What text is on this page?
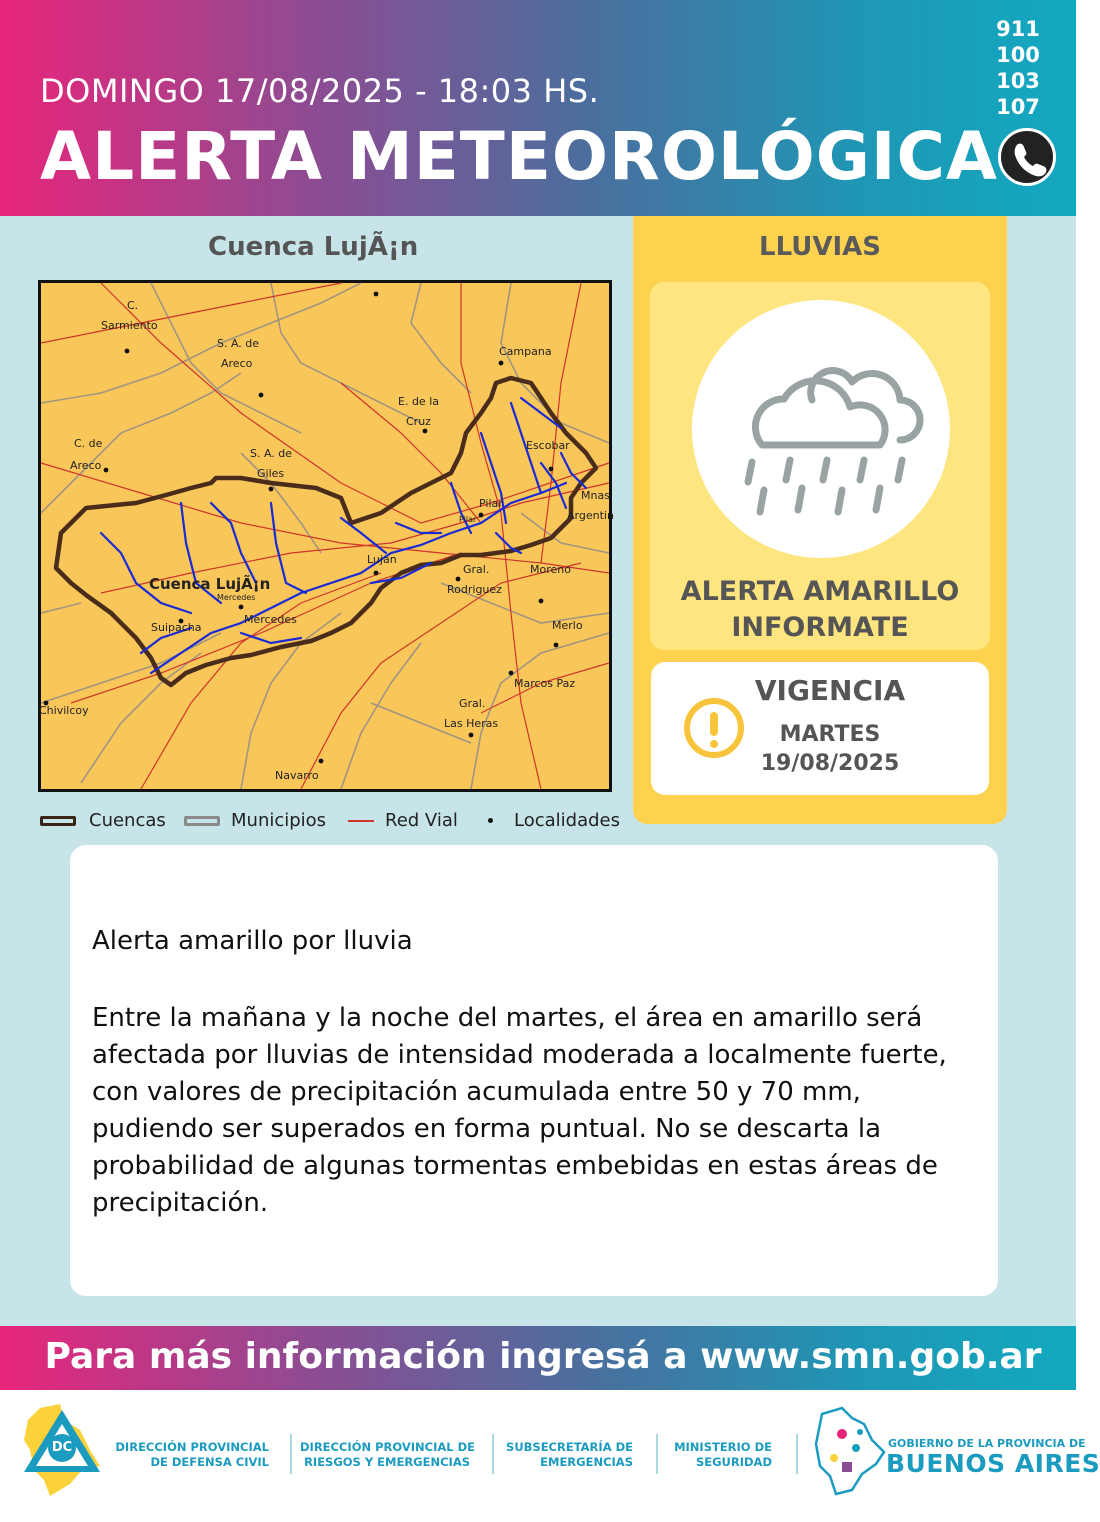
DOMINGO 17/08/2025 - 18:03 HS.
ALERTA METEOROLÓGICA
911
100
103
107
Cuenca LujÃ¡n
C.
Sarmiento
S. A. de
Areco
Campana
E. de la
Cruz
Escobar
C. de
Areco
S. A. de
Giles
Mnas
Argentin
Pilar
Pilar
Lujan
Gral.
Rodriguez
Moreno
Mercedes
Mercedes
Suipacha	Merlo
Marcos Paz
Gral.
Las Heras
Chivilcoy
Navarro
Cuenca LujÃ¡n
Cuencas	Municipios	Red Vial	Localidades
LLUVIAS
ALERTA AMARILLO
INFORMATE
VIGENCIA
MARTES
19/08/2025
Alerta amarillo por lluvia
Entre la mañana y la noche del martes, el área en amarillo será afectada por lluvias de intensidad moderada a localmente fuerte, con valores de precipitación acumulada entre 50 y 70 mm, pudiendo ser superados en forma puntual. No se descarta la probabilidad de algunas tormentas embebidas en estas áreas de precipitación.
Para más información ingresá a www.smn.gob.ar
DC	DIRECCIÓN PROVINCIAL
DE DEFENSA CIVIL
DIRECCIÓN PROVINCIAL DE
RIESGOS Y EMERGENCIAS
SUBSECRETARÍA DE
EMERGENCIAS
MINISTERIO DE
SEGURIDAD
GOBIERNO DE LA PROVINCIA DE
BUENOS AIRES
